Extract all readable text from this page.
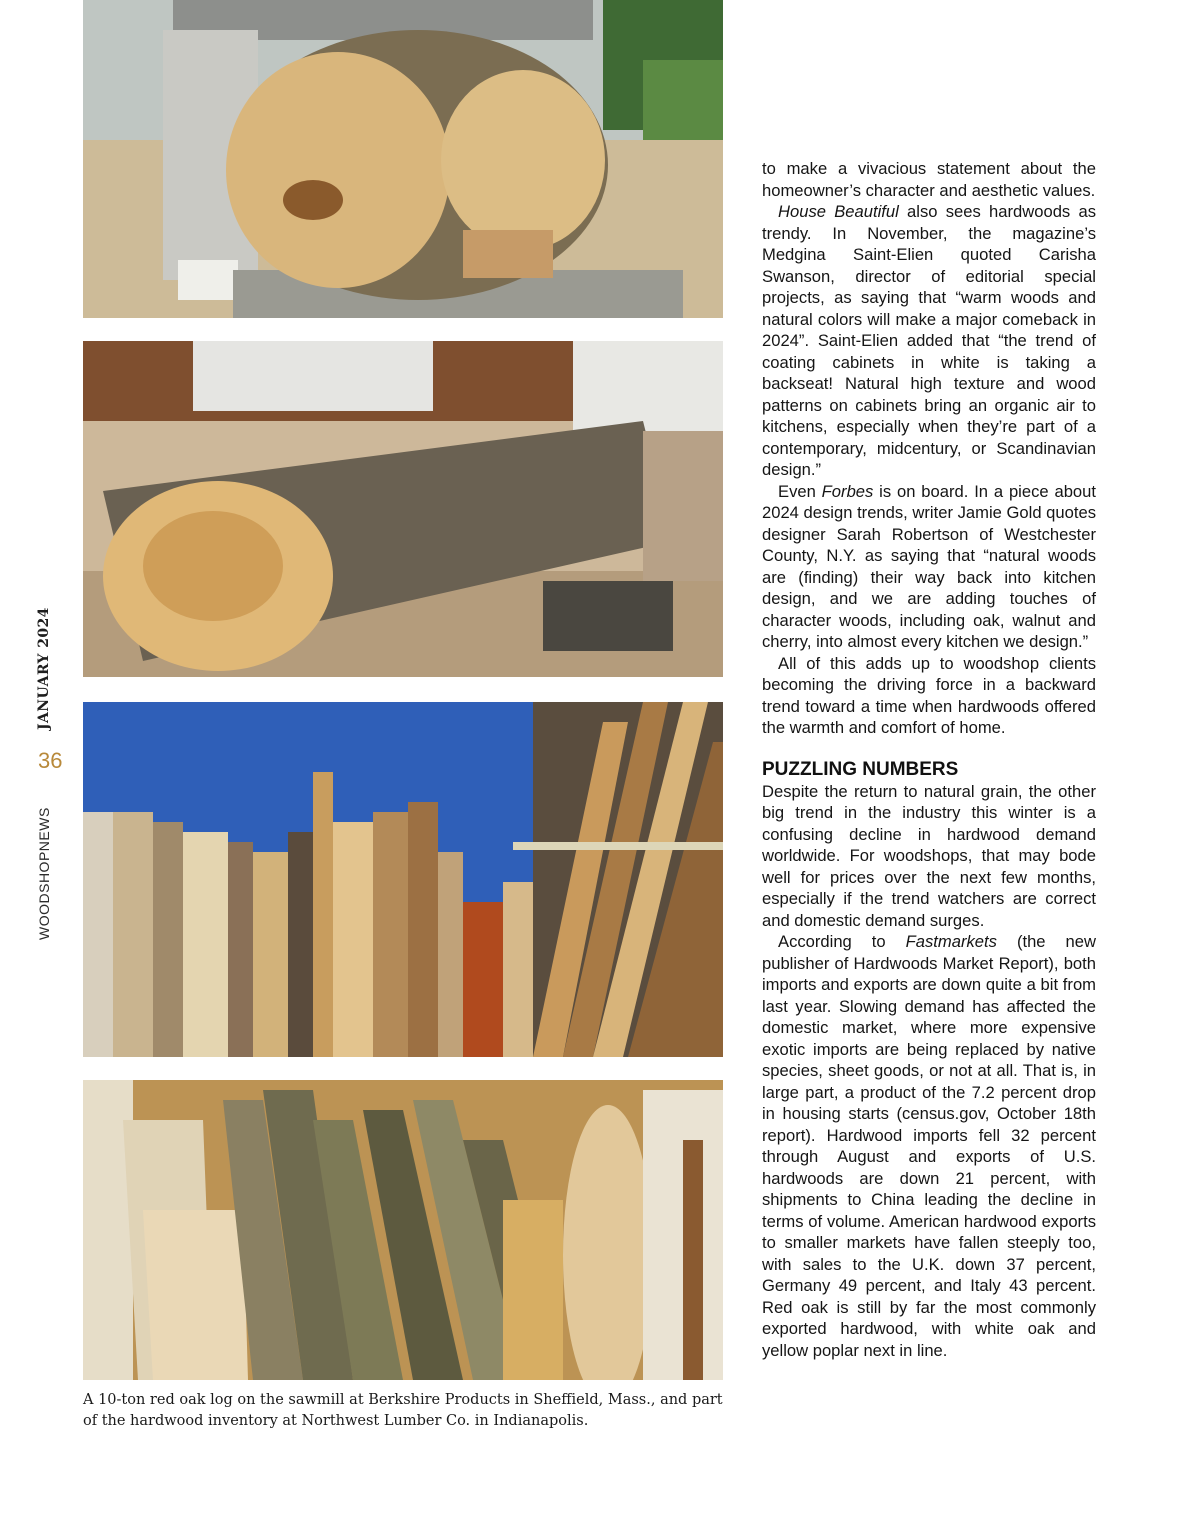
WOODSHOPNEWS
36
JANUARY 2024
A 10-ton red oak log on the sawmill at Berkshire Products in Sheffield, Mass., and part of the hardwood inventory at Northwest Lumber Co. in Indianapolis.

to make a vivacious statement about the homeowner’s character and aesthetic values.

House Beautiful also sees hardwoods as trendy. In November, the magazine’s Medgina Saint-Elien quoted Carisha Swanson, director of editorial special projects, as saying that “warm woods and natural colors will make a major comeback in 2024”. Saint-Elien added that “the trend of coating cabinets in white is taking a backseat! Natural high texture and wood patterns on cabinets bring an organic air to kitchens, especially when they’re part of a contemporary, midcentury, or Scandinavian design.”

Even Forbes is on board. In a piece about 2024 design trends, writer Jamie Gold quotes designer Sarah Robertson of Westchester County, N.Y. as saying that “natural woods are (finding) their way back into kitchen design, and we are adding touches of character woods, including oak, walnut and cherry, into almost every kitchen we design.”

All of this adds up to woodshop clients becoming the driving force in a backward trend toward a time when hardwoods offered the warmth and comfort of home.

PUZZLING NUMBERS

Despite the return to natural grain, the other big trend in the industry this winter is a confusing decline in hardwood demand worldwide. For woodshops, that may bode well for prices over the next few months, especially if the trend watchers are correct and domestic demand surges.

According to Fastmarkets (the new publisher of Hardwoods Market Report), both imports and exports are down quite a bit from last year. Slowing demand has affected the domestic market, where more expensive exotic imports are being replaced by native species, sheet goods, or not at all. That is, in large part, a product of the 7.2 percent drop in housing starts (census.gov, October 18th report). Hardwood imports fell 32 percent through August and exports of U.S. hardwoods are down 21 percent, with shipments to China leading the decline in terms of volume. American hardwood exports to smaller markets have fallen steeply too, with sales to the U.K. down 37 percent, Germany 49 percent, and Italy 43 percent. Red oak is still by far the most commonly exported hardwood, with white oak and yellow poplar next in line.
